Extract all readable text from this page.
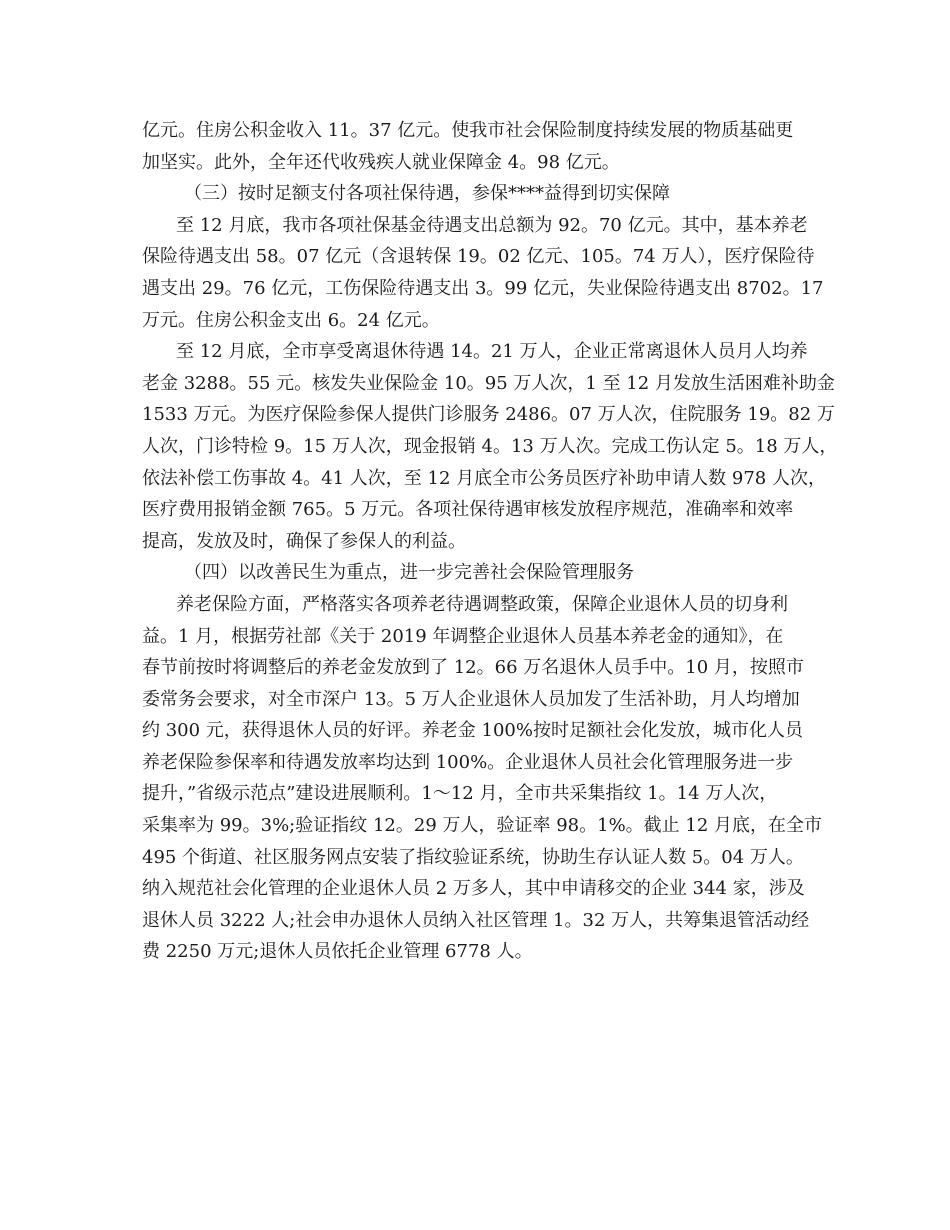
亿元。住房公积金收入 11。37 亿元。使我市社会保险制度持续发展的物质基础更
加坚实。此外，全年还代收残疾人就业保障金 4。98 亿元。
（三）按时足额支付各项社保待遇，参保****益得到切实保障
至 12 月底，我市各项社保基金待遇支出总额为 92。70 亿元。其中，基本养老
保险待遇支出 58。07 亿元（含退转保 19。02 亿元、105。74 万人），医疗保险待
遇支出 29。76 亿元，工伤保险待遇支出 3。99 亿元，失业保险待遇支出 8702。17
万元。住房公积金支出 6。24 亿元。
至 12 月底，全市享受离退休待遇 14。21 万人，企业正常离退休人员月人均养
老金 3288。55 元。核发失业保险金 10。95 万人次，1 至 12 月发放生活困难补助金
1533 万元。为医疗保险参保人提供门诊服务 2486。07 万人次，住院服务 19。82 万
人次，门诊特检 9。15 万人次，现金报销 4。13 万人次。完成工伤认定 5。18 万人，
依法补偿工伤事故 4。41 人次，至 12 月底全市公务员医疗补助申请人数 978 人次，
医疗费用报销金额 765。5 万元。各项社保待遇审核发放程序规范，准确率和效率
提高，发放及时，确保了参保人的利益。
（四）以改善民生为重点，进一步完善社会保险管理服务
养老保险方面，严格落实各项养老待遇调整政策，保障企业退休人员的切身利
益。1 月，根据劳社部《关于 2019 年调整企业退休人员基本养老金的通知》，在
春节前按时将调整后的养老金发放到了 12。66 万名退休人员手中。10 月，按照市
委常务会要求，对全市深户 13。5 万人企业退休人员加发了生活补助，月人均增加
约 300 元，获得退休人员的好评。养老金 100%按时足额社会化发放，城市化人员
养老保险参保率和待遇发放率均达到 100%。企业退休人员社会化管理服务进一步
提升，”省级示范点”建设进展顺利。1～12 月，全市共采集指纹 1。14 万人次，
采集率为 99。3%;验证指纹 12。29 万人，验证率 98。1%。截止 12 月底，在全市
495 个街道、社区服务网点安装了指纹验证系统，协助生存认证人数 5。04 万人。
纳入规范社会化管理的企业退休人员 2 万多人，其中申请移交的企业 344 家，涉及
退休人员 3222 人;社会申办退休人员纳入社区管理 1。32 万人，共筹集退管活动经
费 2250 万元;退休人员依托企业管理 6778 人。
